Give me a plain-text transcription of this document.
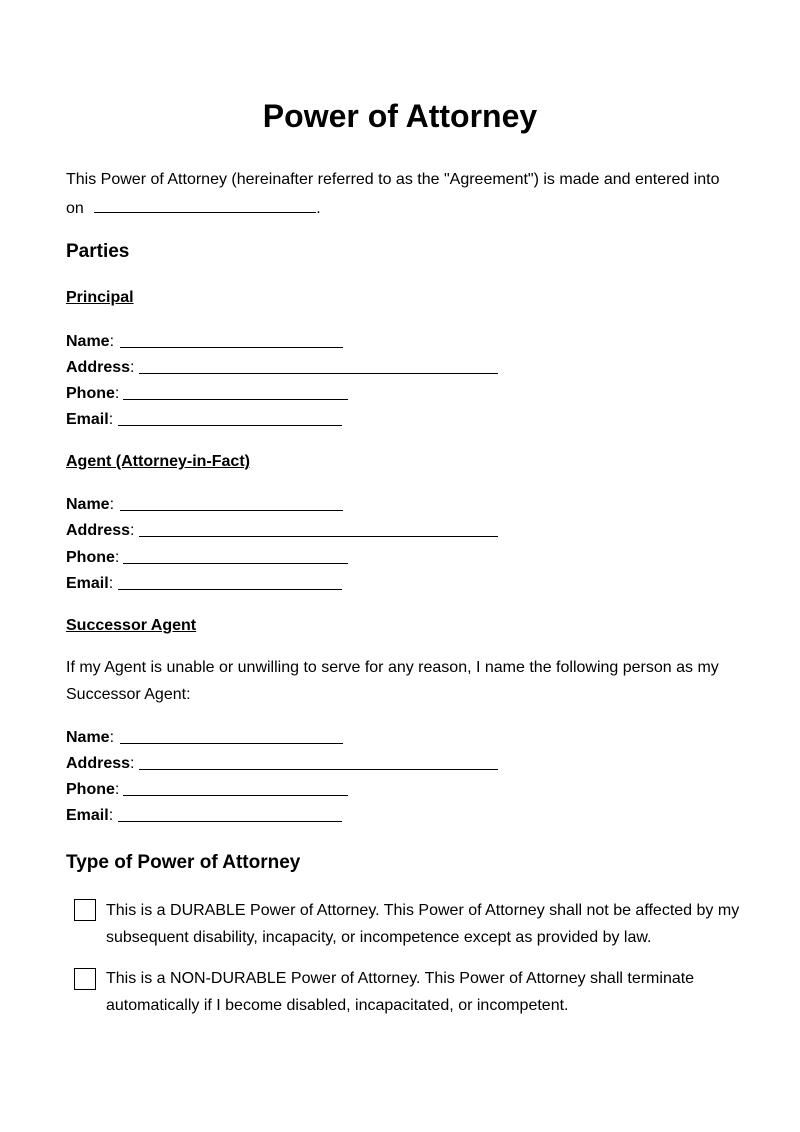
Power of Attorney
This Power of Attorney (hereinafter referred to as the "Agreement") is made and entered into on	.
Parties
Principal
Name:
Address:
Phone:
Email:
Agent (Attorney-in-Fact)
Name:
Address:
Phone:
Email:
Successor Agent
If my Agent is unable or unwilling to serve for any reason, I name the following person as my Successor Agent:
Name:
Address:
Phone:
Email:
Type of Power of Attorney
This is a DURABLE Power of Attorney. This Power of Attorney shall not be affected by my subsequent disability, incapacity, or incompetence except as provided by law.
This is a NON-DURABLE Power of Attorney. This Power of Attorney shall terminate automatically if I become disabled, incapacitated, or incompetent.
